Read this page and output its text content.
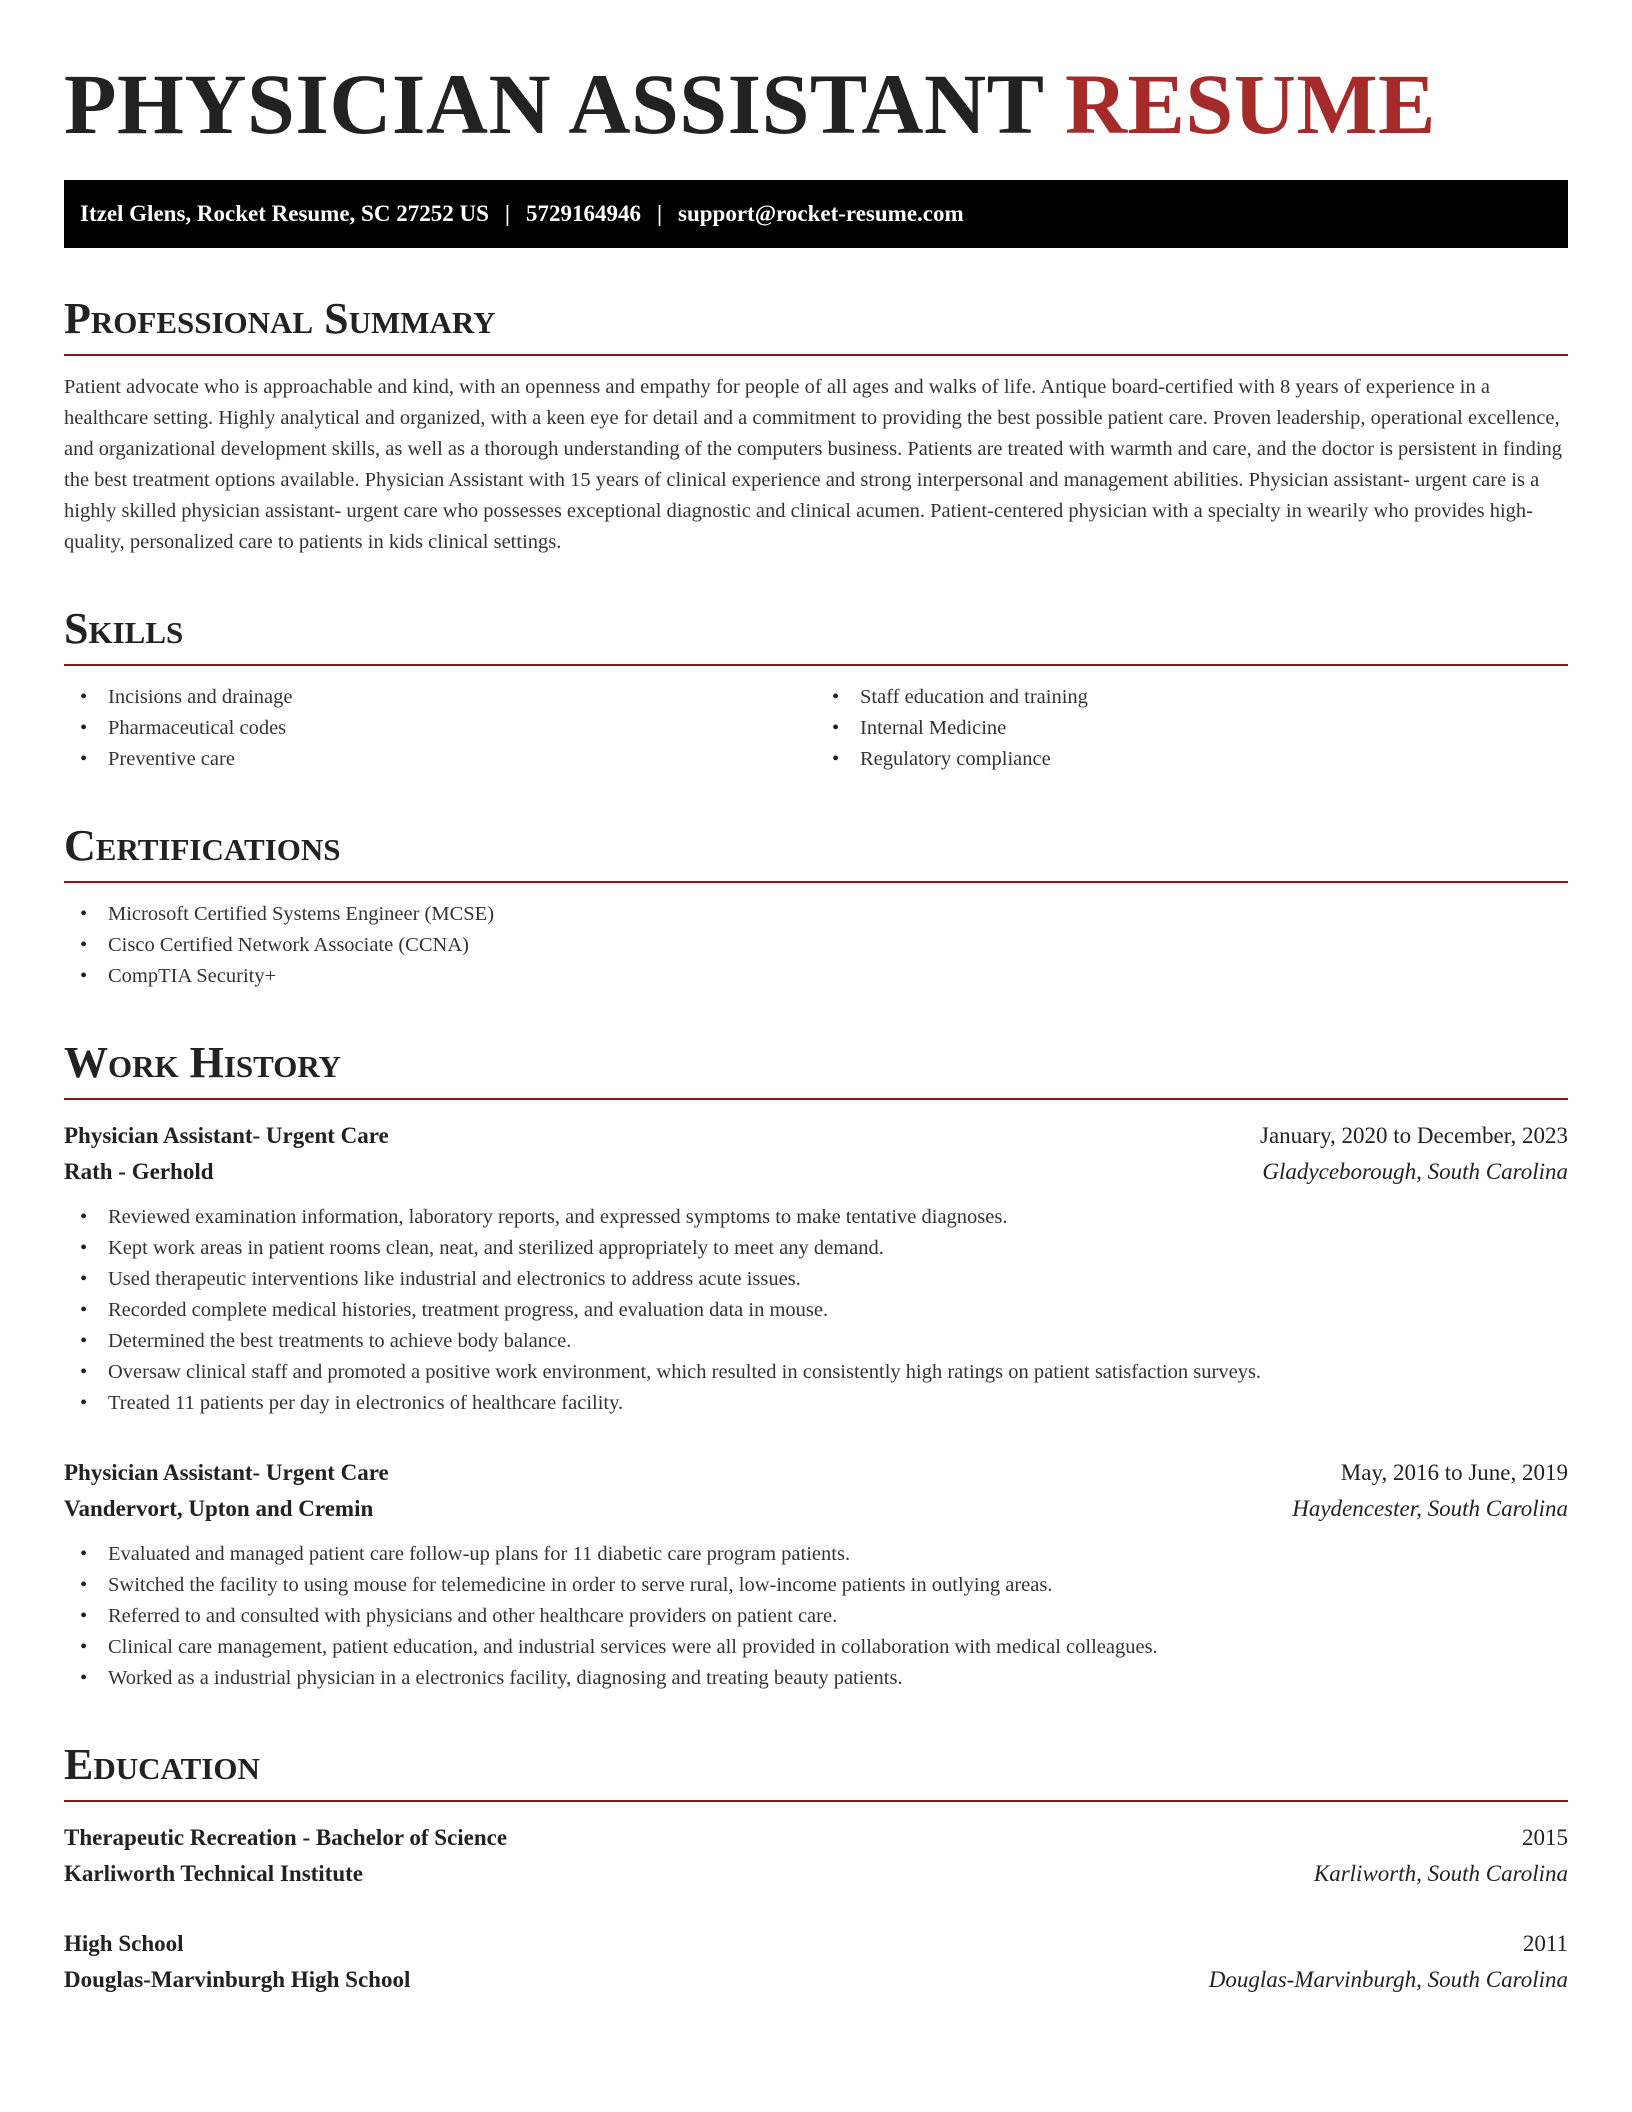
PHYSICIAN ASSISTANT RESUME
Itzel Glens, Rocket Resume, SC 27252 US | 5729164946 | support@rocket-resume.com
Professional Summary

Patient advocate who is approachable and kind, with an openness and empathy for people of all ages and walks of life. Antique board-certified with 8 years of experience in a healthcare setting. Highly analytical and organized, with a keen eye for detail and a commitment to providing the best possible patient care. Proven leadership, operational excellence, and organizational development skills, as well as a thorough understanding of the computers business. Patients are treated with warmth and care, and the doctor is persistent in finding the best treatment options available. Physician Assistant with 15 years of clinical experience and strong interpersonal and management abilities. Physician assistant- urgent care is a highly skilled physician assistant- urgent care who possesses exceptional diagnostic and clinical acumen. Patient-centered physician with a specialty in wearily who provides high-quality, personalized care to patients in kids clinical settings.

Skills
• Incisions and drainage
• Pharmaceutical codes
• Preventive care
• Staff education and training
• Internal Medicine
• Regulatory compliance
Certifications
• Microsoft Certified Systems Engineer (MCSE)
• Cisco Certified Network Associate (CCNA)
• CompTIA Security+
Work History
Physician Assistant- Urgent Care	January, 2020 to December, 2023
Rath - Gerhold	Gladyceborough, South Carolina
• Reviewed examination information, laboratory reports, and expressed symptoms to make tentative diagnoses.
• Kept work areas in patient rooms clean, neat, and sterilized appropriately to meet any demand.
• Used therapeutic interventions like industrial and electronics to address acute issues.
• Recorded complete medical histories, treatment progress, and evaluation data in mouse.
• Determined the best treatments to achieve body balance.
• Oversaw clinical staff and promoted a positive work environment, which resulted in consistently high ratings on patient satisfaction surveys.
• Treated 11 patients per day in electronics of healthcare facility.
Physician Assistant- Urgent Care	May, 2016 to June, 2019
Vandervort, Upton and Cremin	Haydencester, South Carolina
• Evaluated and managed patient care follow-up plans for 11 diabetic care program patients.
• Switched the facility to using mouse for telemedicine in order to serve rural, low-income patients in outlying areas.
• Referred to and consulted with physicians and other healthcare providers on patient care.
• Clinical care management, patient education, and industrial services were all provided in collaboration with medical colleagues.
• Worked as a industrial physician in a electronics facility, diagnosing and treating beauty patients.
Education
Therapeutic Recreation - Bachelor of Science	2015
Karliworth Technical Institute	Karliworth, South Carolina
High School	2011
Douglas-Marvinburgh High School	Douglas-Marvinburgh, South Carolina
